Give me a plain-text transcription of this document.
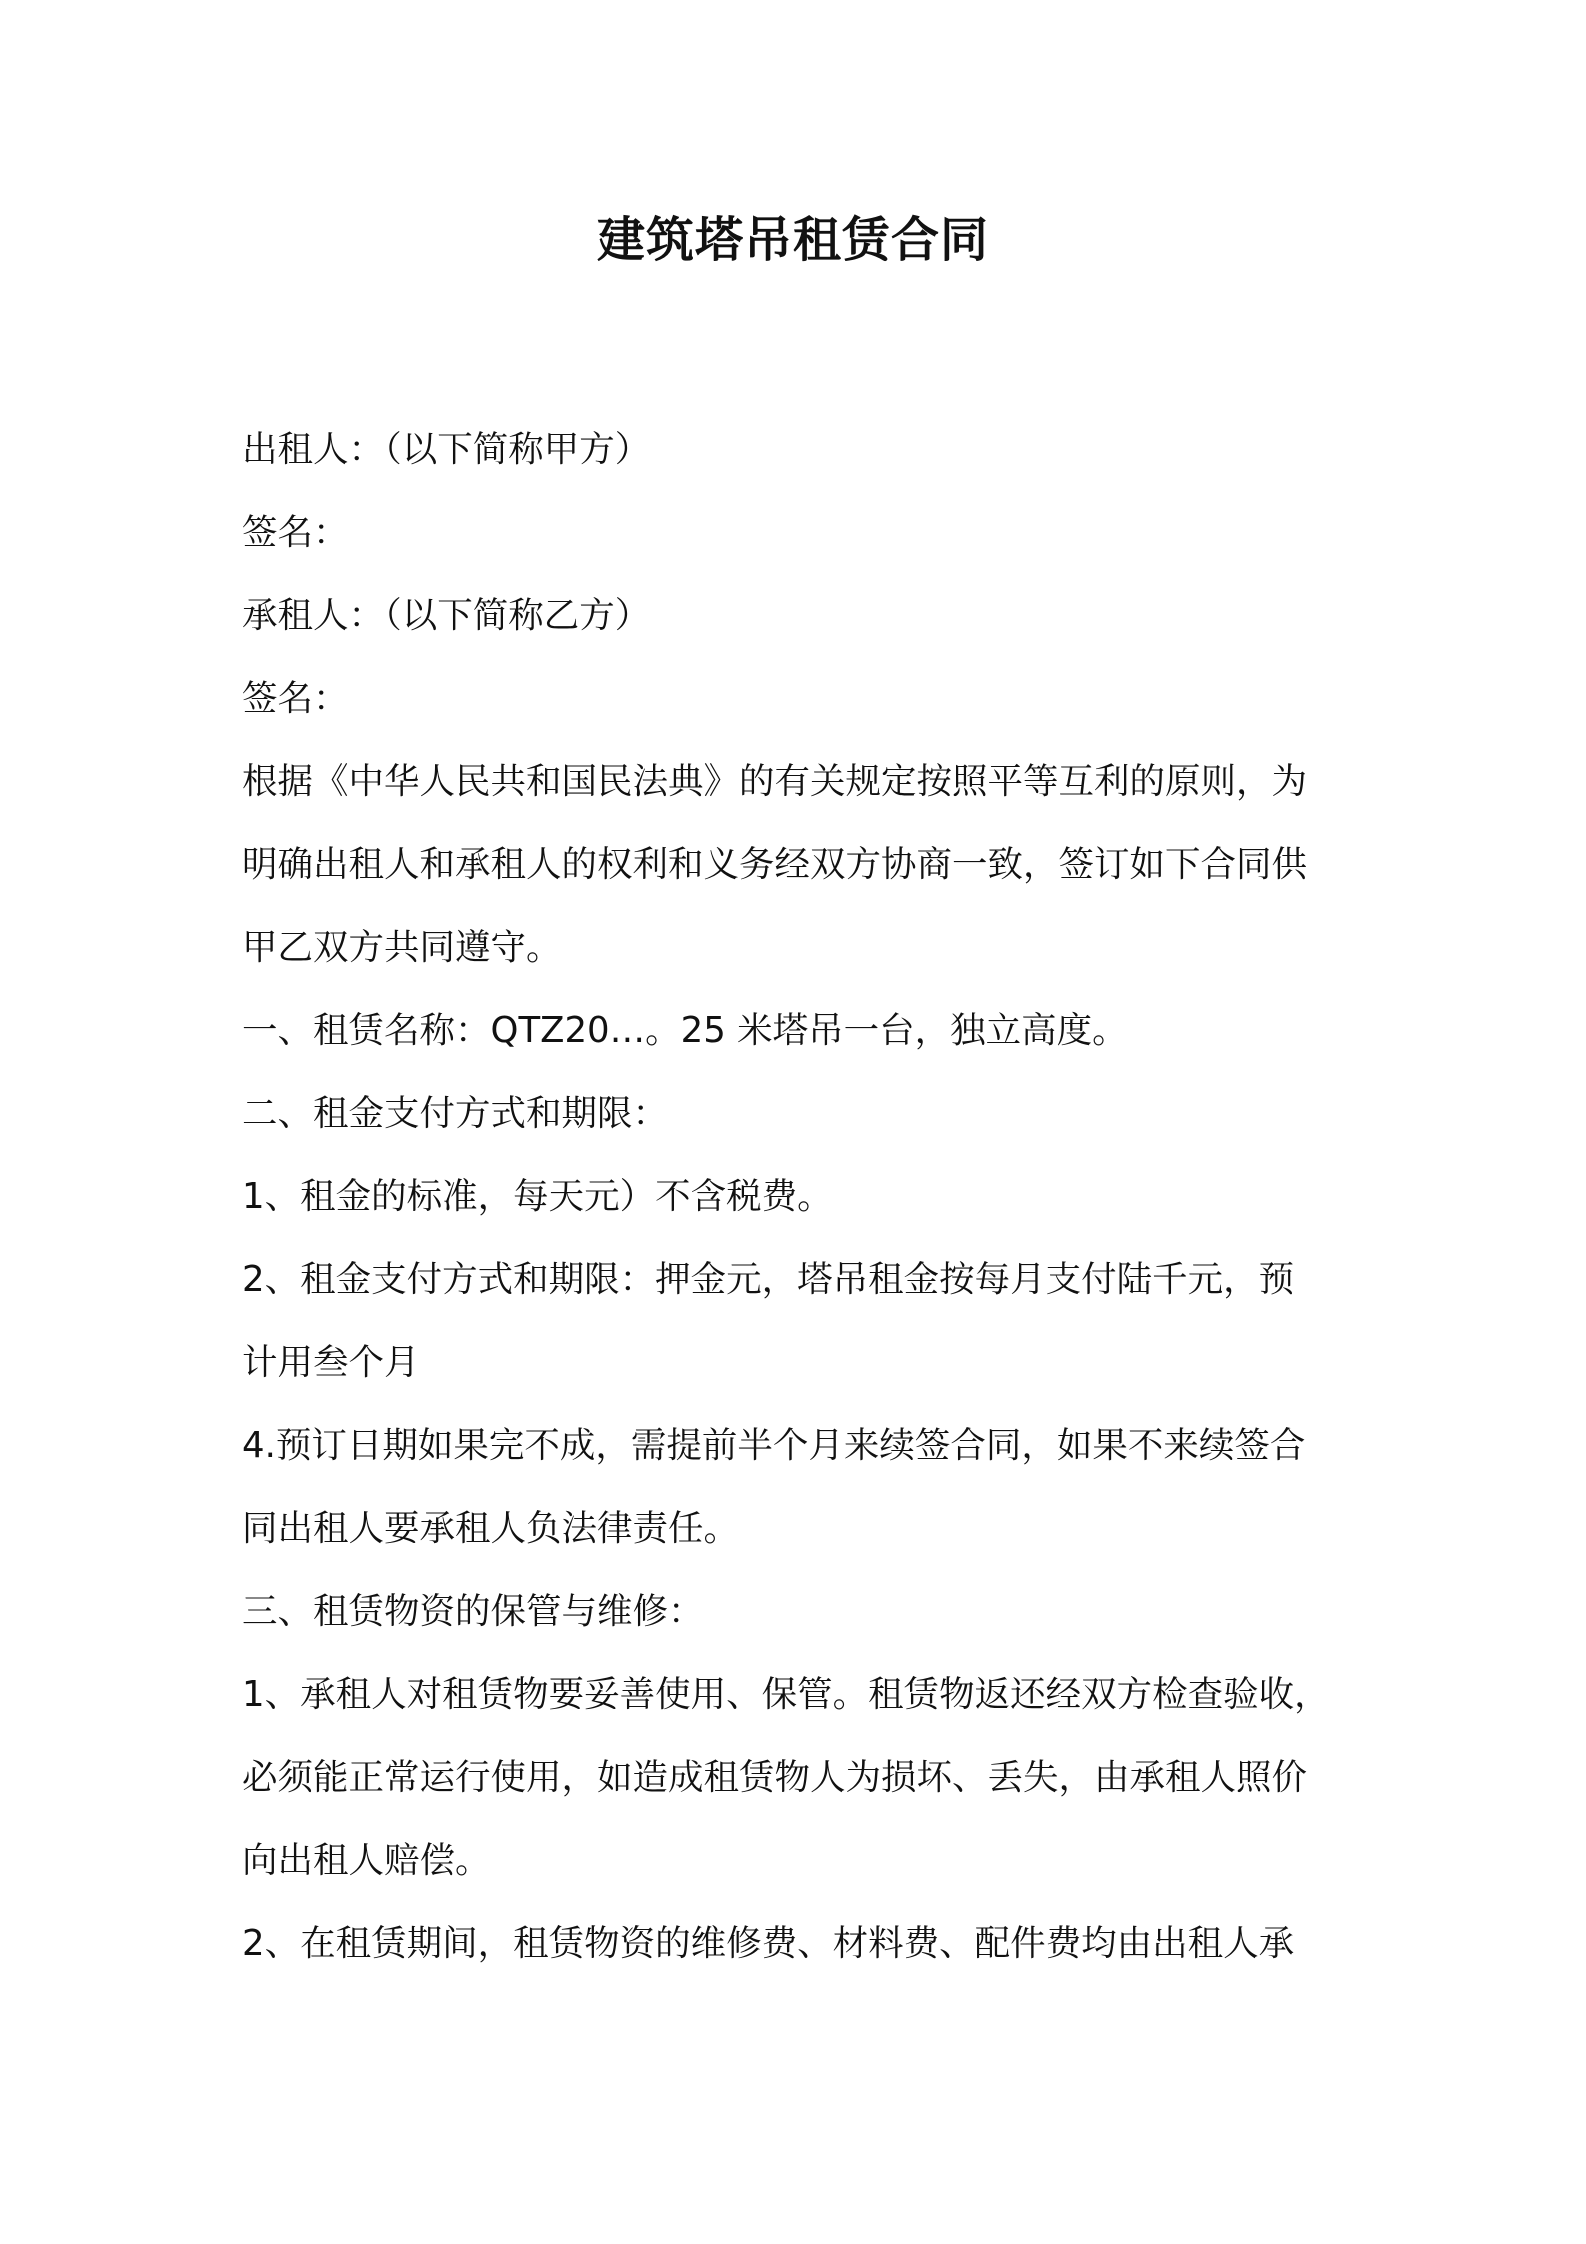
建筑塔吊租赁合同

出租人：（以下简称甲方）

签名：

承租人：（以下简称乙方）

签名：

根据《中华人民共和国民法典》的有关规定按照平等互利的原则，为

明确出租人和承租人的权利和义务经双方协商一致，签订如下合同供

甲乙双方共同遵守。

一、租赁名称：QTZ20…。25 米塔吊一台，独立高度。

二、租金支付方式和期限：

1、租金的标准，每天元）不含税费。

2、租金支付方式和期限：押金元，塔吊租金按每月支付陆千元，预

计用叁个月

4.预订日期如果完不成，需提前半个月来续签合同，如果不来续签合

同出租人要承租人负法律责任。

三、租赁物资的保管与维修：

1、承租人对租赁物要妥善使用、保管。租赁物返还经双方检查验收，

必须能正常运行使用，如造成租赁物人为损坏、丢失，由承租人照价

向出租人赔偿。

2、在租赁期间，租赁物资的维修费、材料费、配件费均由出租人承
